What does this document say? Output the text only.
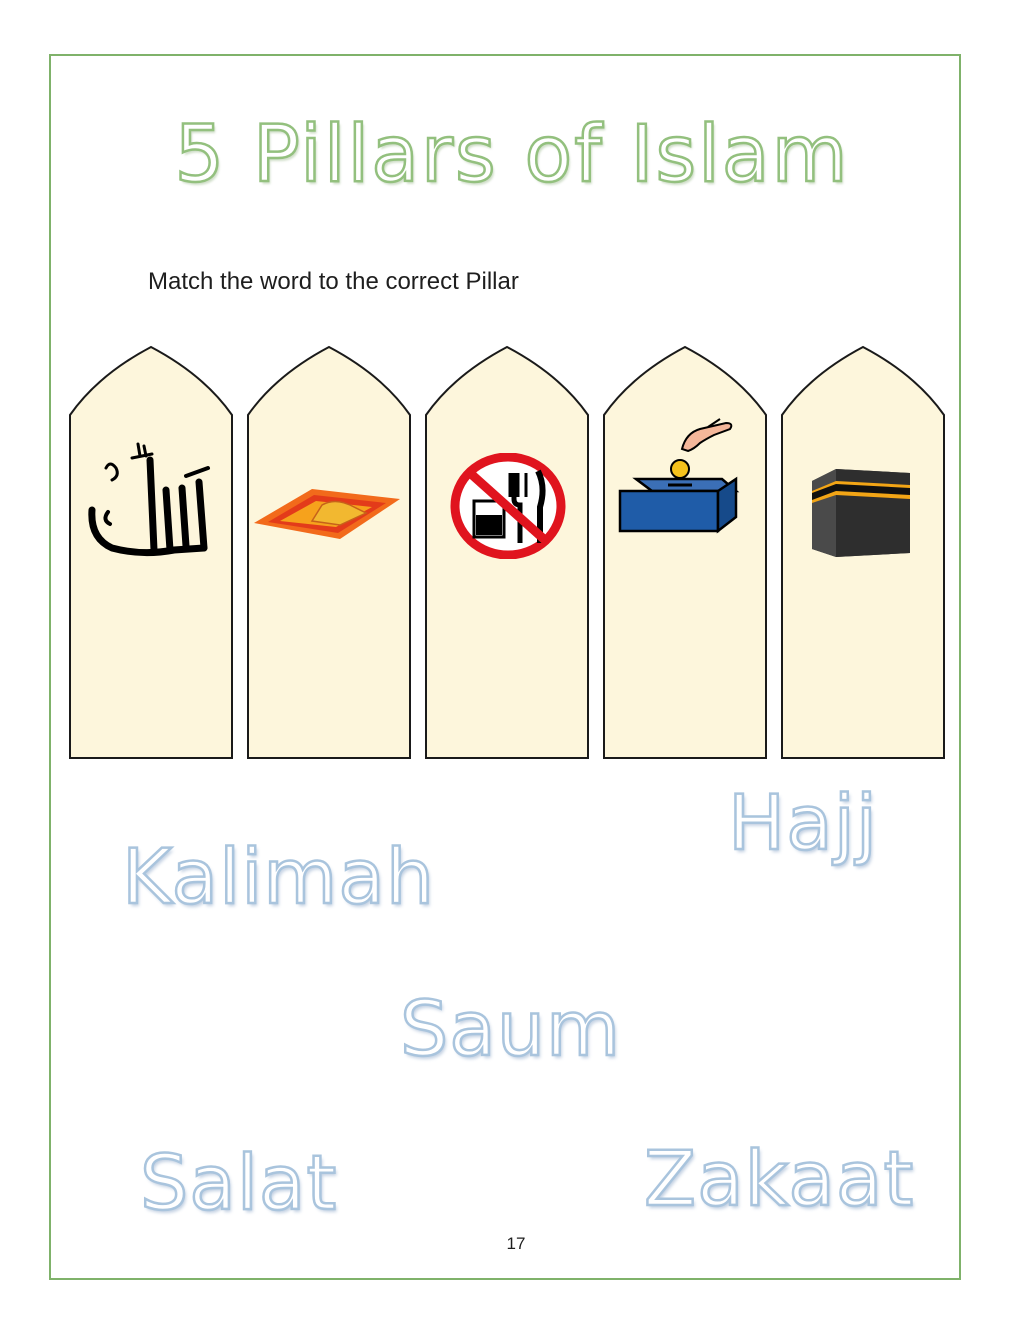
5 Pillars of Islam
Match the word to the correct Pillar
Kalimah
Hajj
Saum
Salat	Zakaat
17
